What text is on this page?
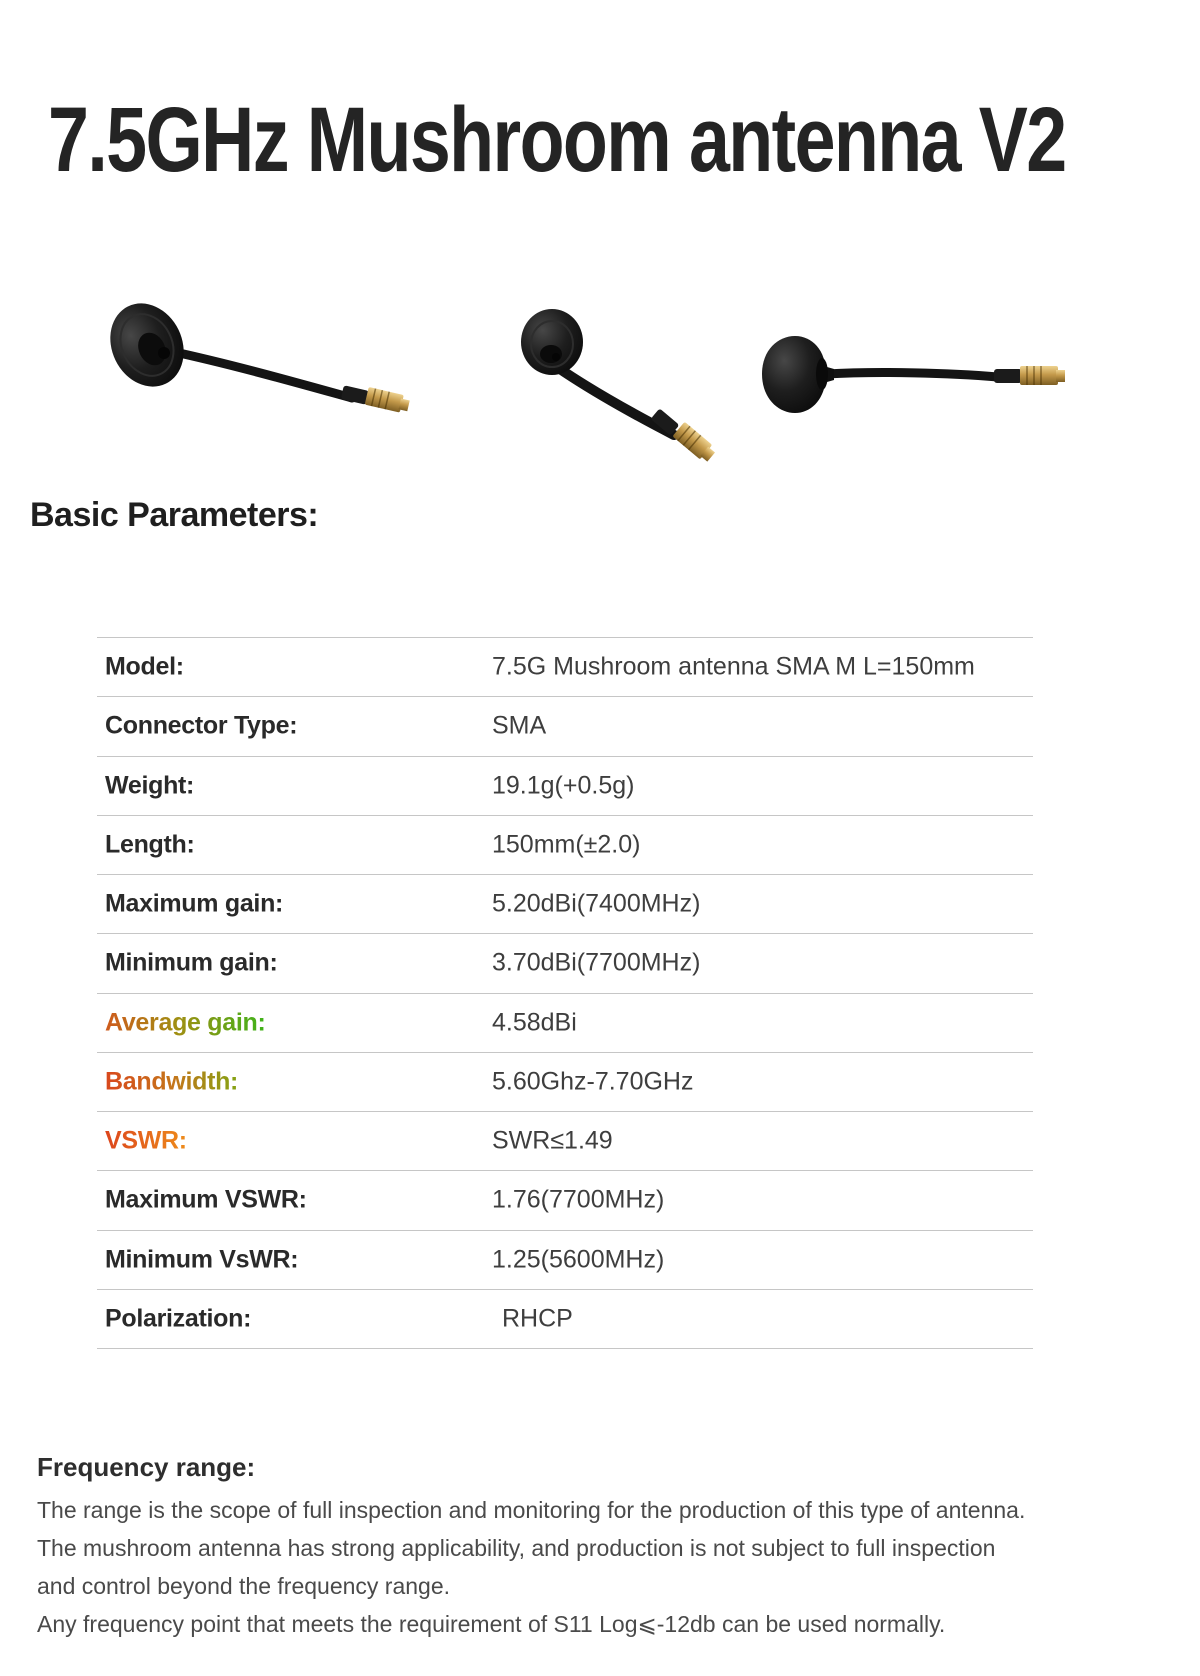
7.5GHz Mushroom antenna V2
Basic Parameters:
Model:	7.5G Mushroom antenna SMA M L=150mm
Connector Type:	SMA
Weight:	19.1g(+0.5g)
Length:	150mm(±2.0)
Maximum gain:	5.20dBi(7400MHz)
Minimum gain:	3.70dBi(7700MHz)
Average gain:	4.58dBi
Bandwidth:	5.60Ghz-7.70GHz
VSWR:	SWR≤1.49
Maximum VSWR:	1.76(7700MHz)
Minimum VsWR:	1.25(5600MHz)
Polarization:	RHCP
Frequency range:

The range is the scope of full inspection and monitoring for the production of this type of antenna.

The mushroom antenna has strong applicability, and production is not subject to full inspection

and control beyond the frequency range.

Any frequency point that meets the requirement of S11 Log⩽-12db can be used normally.
